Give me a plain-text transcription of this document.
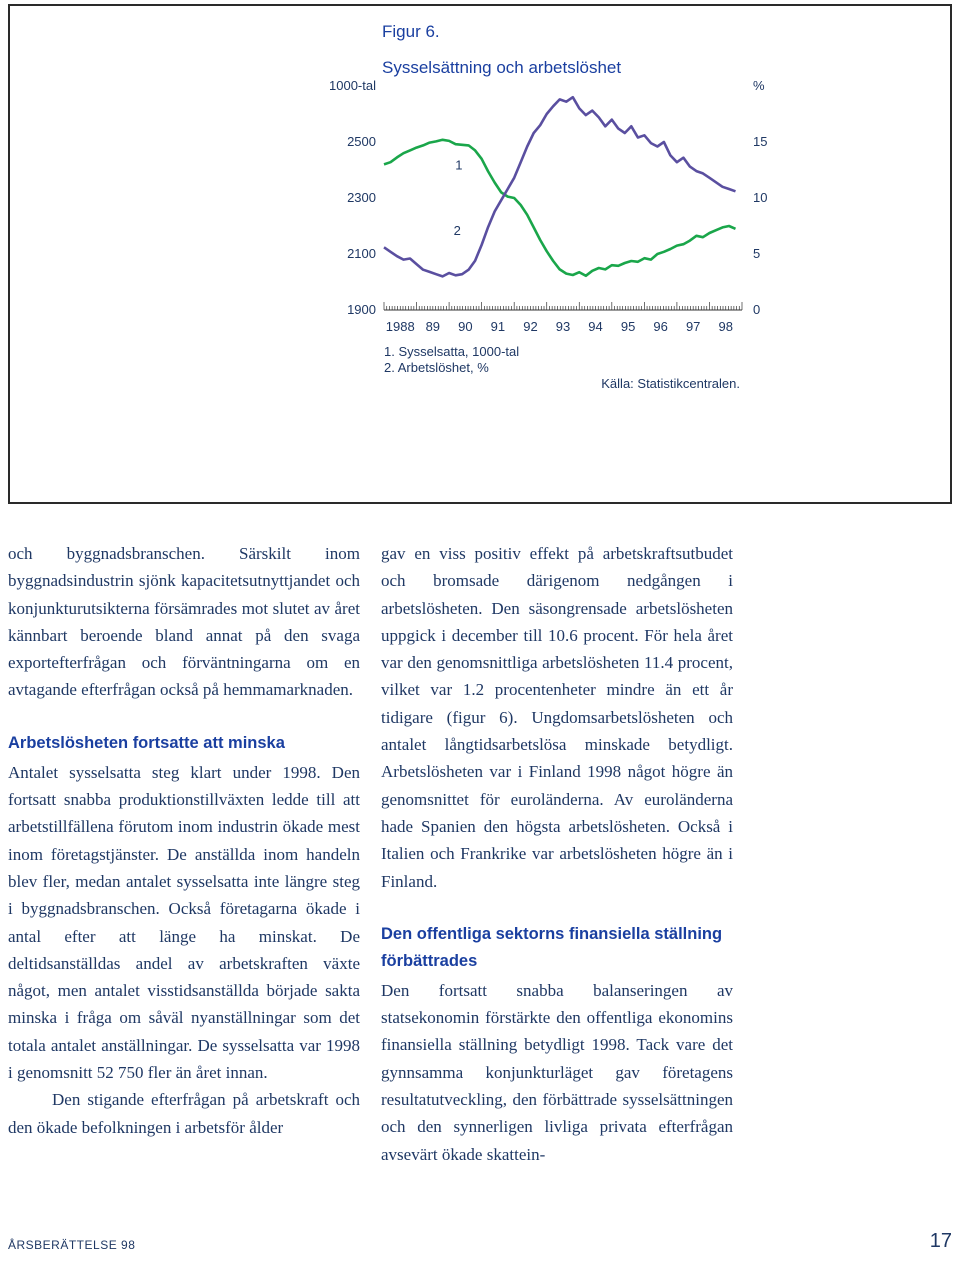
Figur 6.
Sysselsättning och arbetslöshet
1988 89 90 91 92 93 94 95 96 97 98
1900
2100
2300
2500
0
5
10
15
1
2
1000-tal	%
1. Sysselsatta, 1000-tal
2. Arbetslöshet, %
Källa: Statistikcentralen.

och byggnadsbranschen. Särskilt inom byggnadsindustrin sjönk kapacitetsutnyttjandet och konjunkturutsikterna försämrades mot slutet av året kännbart beroende bland annat på den svaga exportefterfrågan och förväntningarna om en avtagande efterfrågan också på hemmamarknaden.

Arbetslösheten fortsatte att minska

Antalet sysselsatta steg klart under 1998. Den fortsatt snabba produktionstillväxten ledde till att arbetstillfällena förutom inom industrin ökade mest inom företagstjänster. De anställda inom handeln blev fler, medan antalet sysselsatta inte längre steg i byggnadsbranschen. Också företagarna ökade i antal efter att länge ha minskat. De deltidsanställdas andel av arbetskraften växte något, men antalet visstidsanställda började sakta minska i fråga om såväl nyanställningar som det totala antalet anställningar. De sysselsatta var 1998 i genomsnitt 52 750 fler än året innan.

Den stigande efterfrågan på arbetskraft och den ökade befolkningen i arbetsför ålder

gav en viss positiv effekt på arbetskraftsutbudet och bromsade därigenom nedgången i arbetslösheten. Den säsongrensade arbetslösheten uppgick i december till 10.6 procent. För hela året var den genomsnittliga arbetslösheten 11.4 procent, vilket var 1.2 procentenheter mindre än ett år tidigare (figur 6). Ungdomsarbetslösheten och antalet långtidsarbetslösa minskade betydligt. Arbetslösheten var i Finland 1998 något högre än genomsnittet för euroländerna. Av euroländerna hade Spanien den högsta arbetslösheten. Också i Italien och Frankrike var arbetslösheten högre än i Finland.

Den offentliga sektorns finansiella ställning förbättrades

Den fortsatt snabba balanseringen av statsekonomin förstärkte den offentliga ekonomins finansiella ställning betydligt 1998. Tack vare det gynnsamma konjunkturläget gav företagens resultatutveckling, den förbättrade sysselsättningen och den synnerligen livliga privata efterfrågan avsevärt ökade skattein-

ÅRSBERÄTTELSE 98	17
